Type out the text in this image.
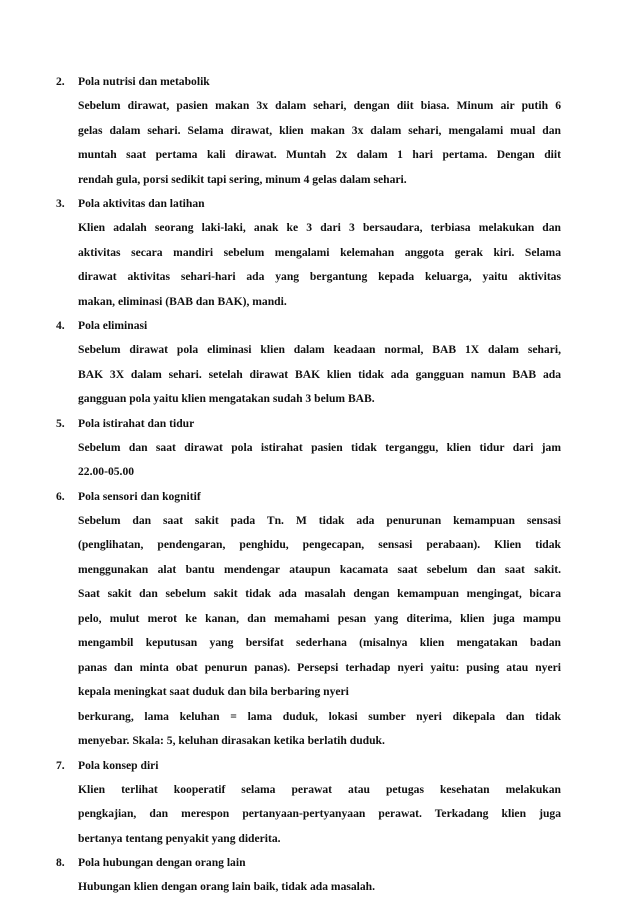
2. Pola nutrisi dan metabolik
Sebelum dirawat, pasien makan 3x dalam sehari, dengan diit biasa. Minum air putih 6
gelas dalam sehari. Selama dirawat, klien makan 3x dalam sehari, mengalami mual dan
muntah saat pertama kali dirawat. Muntah 2x dalam 1 hari pertama. Dengan diit
rendah gula, porsi sedikit tapi sering, minum 4 gelas dalam sehari.
3. Pola aktivitas dan latihan
Klien adalah seorang laki-laki, anak ke 3 dari 3 bersaudara, terbiasa melakukan dan
aktivitas secara mandiri sebelum mengalami kelemahan anggota gerak kiri. Selama
dirawat aktivitas sehari-hari ada yang bergantung kepada keluarga, yaitu aktivitas
makan, eliminasi (BAB dan BAK), mandi.
4. Pola eliminasi
Sebelum dirawat pola eliminasi klien dalam keadaan normal, BAB 1X dalam sehari,
BAK 3X dalam sehari. setelah dirawat BAK klien tidak ada gangguan namun BAB ada
gangguan pola yaitu klien mengatakan sudah 3 belum BAB.
5. Pola istirahat dan tidur
Sebelum dan saat dirawat pola istirahat pasien tidak terganggu, klien tidur dari jam
22.00-05.00
6. Pola sensori dan kognitif
Sebelum dan saat sakit pada Tn. M tidak ada penurunan kemampuan sensasi
(penglihatan, pendengaran, penghidu, pengecapan, sensasi perabaan). Klien tidak
menggunakan alat bantu mendengar ataupun kacamata saat sebelum dan saat sakit.
Saat sakit dan sebelum sakit tidak ada masalah dengan kemampuan mengingat, bicara
pelo, mulut merot ke kanan, dan memahami pesan yang diterima, klien juga mampu
mengambil keputusan yang bersifat sederhana (misalnya klien mengatakan badan
panas dan minta obat penurun panas). Persepsi terhadap nyeri yaitu: pusing atau nyeri
kepala meningkat saat duduk dan bila berbaring nyeri
berkurang, lama keluhan = lama duduk, lokasi sumber nyeri dikepala dan tidak
menyebar. Skala: 5, keluhan dirasakan ketika berlatih duduk.
7. Pola konsep diri
Klien terlihat kooperatif selama perawat atau petugas kesehatan melakukan
pengkajian, dan merespon pertanyaan-pertyanyaan perawat. Terkadang klien juga
bertanya tentang penyakit yang diderita.
8. Pola hubungan dengan orang lain
Hubungan klien dengan orang lain baik, tidak ada masalah.
